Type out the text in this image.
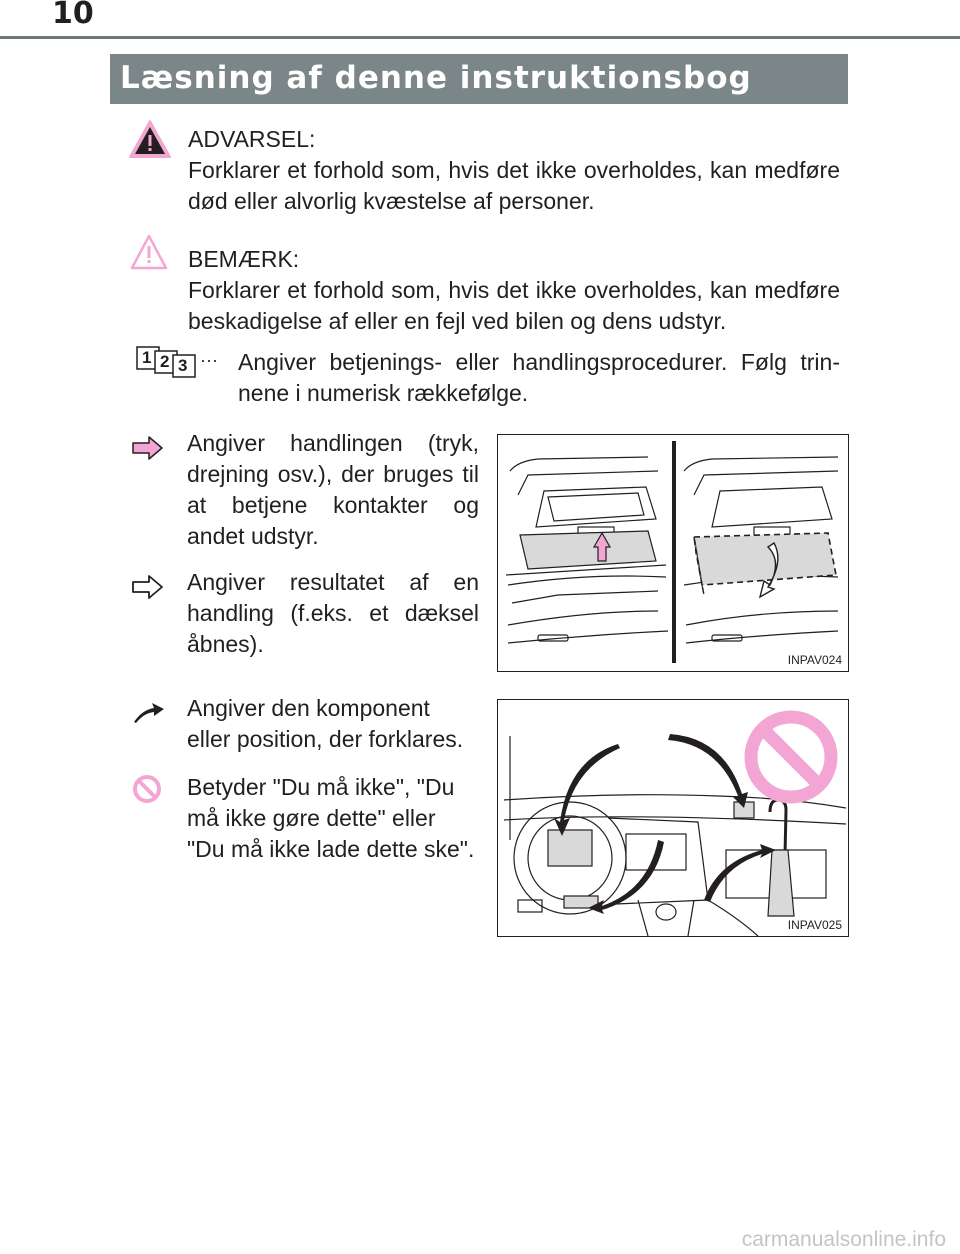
10
Læsning af denne instruktionsbog

ADVARSEL:

Forklarer et forhold som, hvis det ikke overholdes, kan medføre død eller alvorlig kvæstelse af personer.

BEMÆRK:

Forklarer et forhold som, hvis det ikke overholdes, kan medføre beskadigelse af eller en fejl ved bilen og dens udstyr.

1 2 3 ··· Angiver betjenings- eller handlingsprocedurer. Følg trin-nene i numerisk rækkefølge.

Angiver handlingen (tryk, drejning osv.), der bruges til at betjene kontakter og andet udstyr.

Angiver resultatet af en handling (f.eks. et dæksel åbnes).

INPAV024

Angiver den komponent eller position, der forklares.

Betyder "Du må ikke", "Du må ikke gøre dette" eller "Du må ikke lade dette ske".

INPAV025
carmanualsonline.info
